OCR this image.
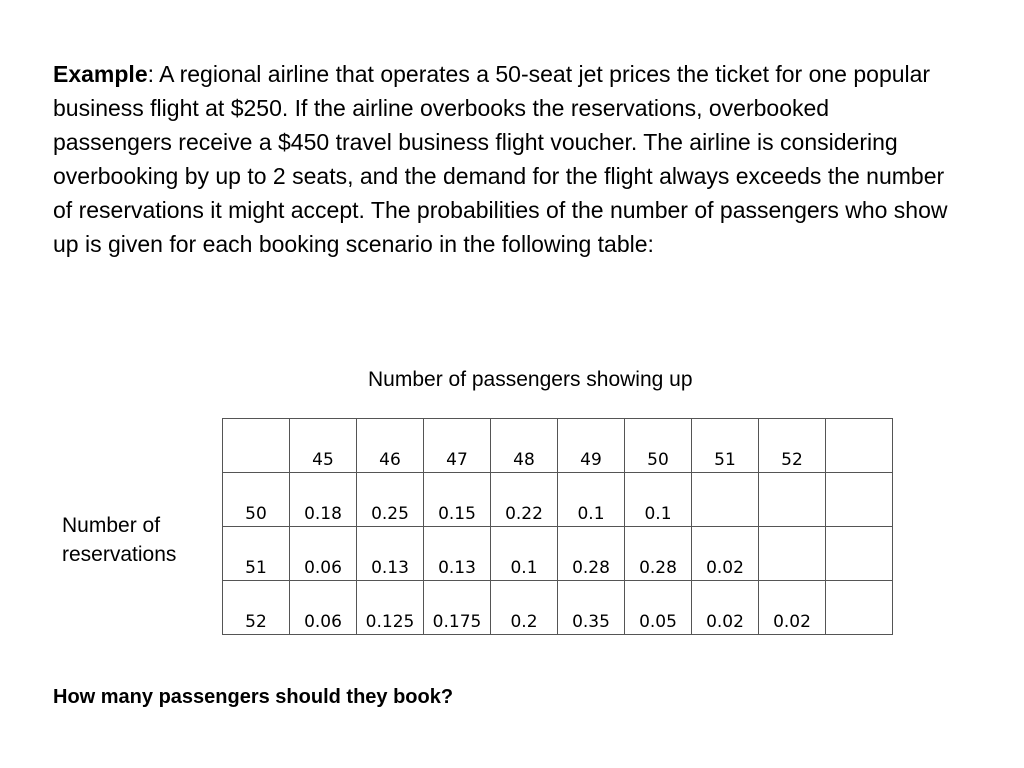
Example: A regional airline that operates a 50-seat jet prices the ticket for one popular business flight at $250. If the airline overbooks the reservations, overbooked passengers receive a $450 travel business flight voucher. The airline is considering overbooking by up to 2 seats, and the demand for the flight always exceeds the number of reservations it might accept. The probabilities of the number of passengers who show up is given for each booking scenario in the following table:

Number of passengers showing up
Number of reservations
	45	46	47	48	49	50	51	52	
50	0.18	0.25	0.15	0.22	0.1	0.1			
51	0.06	0.13	0.13	0.1	0.28	0.28	0.02		
52	0.06	0.125	0.175	0.2	0.35	0.05	0.02	0.02	
How many passengers should they book?
